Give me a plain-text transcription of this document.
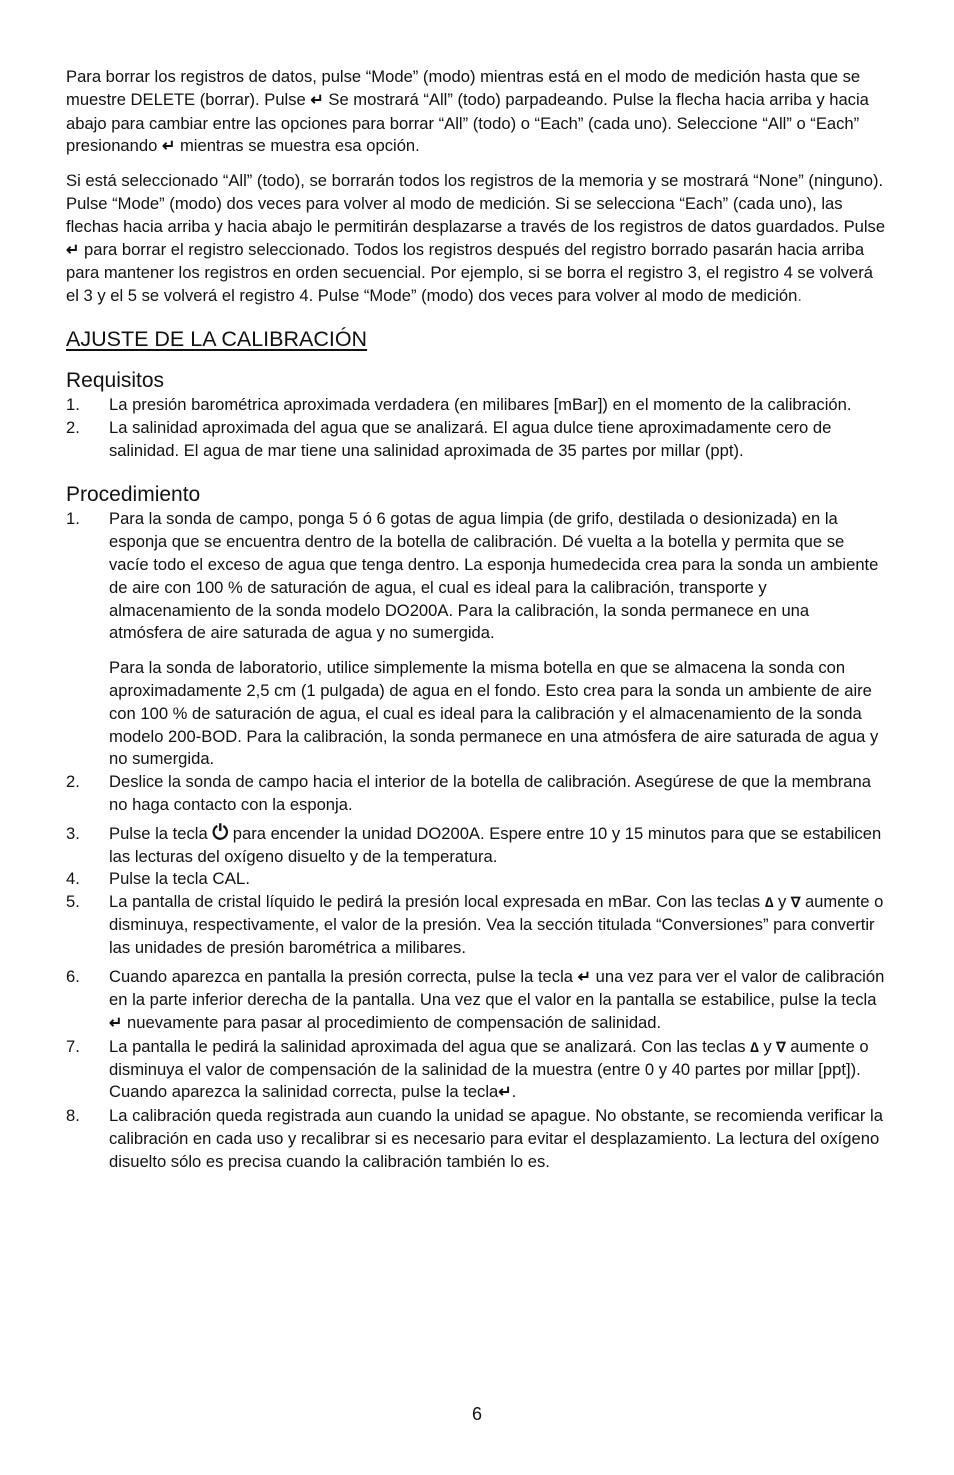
Para borrar los registros de datos, pulse “Mode” (modo) mientras está en el modo de medición hasta que se muestre DELETE (borrar). Pulse ↵ Se mostrará “All” (todo) parpadeando. Pulse la flecha hacia arriba y hacia abajo para cambiar entre las opciones para borrar “All” (todo) o “Each” (cada uno). Seleccione “All” o “Each” presionando ↵ mientras se muestra esa opción.

Si está seleccionado “All” (todo), se borrarán todos los registros de la memoria y se mostrará “None” (ninguno). Pulse “Mode” (modo) dos veces para volver al modo de medición. Si se selecciona “Each” (cada uno), las flechas hacia arriba y hacia abajo le permitirán desplazarse a través de los registros de datos guardados. Pulse ↵ para borrar el registro seleccionado. Todos los registros después del registro borrado pasarán hacia arriba para mantener los registros en orden secuencial. Por ejemplo, si se borra el registro 3, el registro 4 se volverá el 3 y el 5 se volverá el registro 4. Pulse “Mode” (modo) dos veces para volver al modo de medición.

AJUSTE DE LA CALIBRACIÓN
Requisitos
1. La presión barométrica aproximada verdadera (en milibares [mBar]) en el momento de la calibración.
2. La salinidad aproximada del agua que se analizará. El agua dulce tiene aproximadamente cero de salinidad. El agua de mar tiene una salinidad aproximada de 35 partes por millar (ppt).
Procedimiento
1. Para la sonda de campo, ponga 5 ó 6 gotas de agua limpia (de grifo, destilada o desionizada) en la esponja que se encuentra dentro de la botella de calibración. Dé vuelta a la botella y permita que se vacíe todo el exceso de agua que tenga dentro. La esponja humedecida crea para la sonda un ambiente de aire con 100 % de saturación de agua, el cual es ideal para la calibración, transporte y almacenamiento de la sonda modelo DO200A. Para la calibración, la sonda permanece en una atmósfera de aire saturada de agua y no sumergida.
Para la sonda de laboratorio, utilice simplemente la misma botella en que se almacena la sonda con aproximadamente 2,5 cm (1 pulgada) de agua en el fondo. Esto crea para la sonda un ambiente de aire con 100 % de saturación de agua, el cual es ideal para la calibración y el almacenamiento de la sonda modelo 200-BOD. Para la calibración, la sonda permanece en una atmósfera de aire saturada de agua y no sumergida.
2. Deslice la sonda de campo hacia el interior de la botella de calibración. Asegúrese de que la membrana no haga contacto con la esponja.
3. Pulse la tecla ⏻ para encender la unidad DO200A. Espere entre 10 y 15 minutos para que se estabilicen las lecturas del oxígeno disuelto y de la temperatura.
4. Pulse la tecla CAL.
5. La pantalla de cristal líquido le pedirá la presión local expresada en mBar. Con las teclas ∆ y ∇ aumente o disminuya, respectivamente, el valor de la presión. Vea la sección titulada “Conversiones” para convertir las unidades de presión barométrica a milibares.
6. Cuando aparezca en pantalla la presión correcta, pulse la tecla ↵ una vez para ver el valor de calibración en la parte inferior derecha de la pantalla. Una vez que el valor en la pantalla se estabilice, pulse la tecla↵ nuevamente para pasar al procedimiento de compensación de salinidad.
7. La pantalla le pedirá la salinidad aproximada del agua que se analizará. Con las teclas ∆ y ∇ aumente o disminuya el valor de compensación de la salinidad de la muestra (entre 0 y 40 partes por millar [ppt]). Cuando aparezca la salinidad correcta, pulse la tecla↵.
8. La calibración queda registrada aun cuando la unidad se apague. No obstante, se recomienda verificar la calibración en cada uso y recalibrar si es necesario para evitar el desplazamiento. La lectura del oxígeno disuelto sólo es precisa cuando la calibración también lo es.
6
